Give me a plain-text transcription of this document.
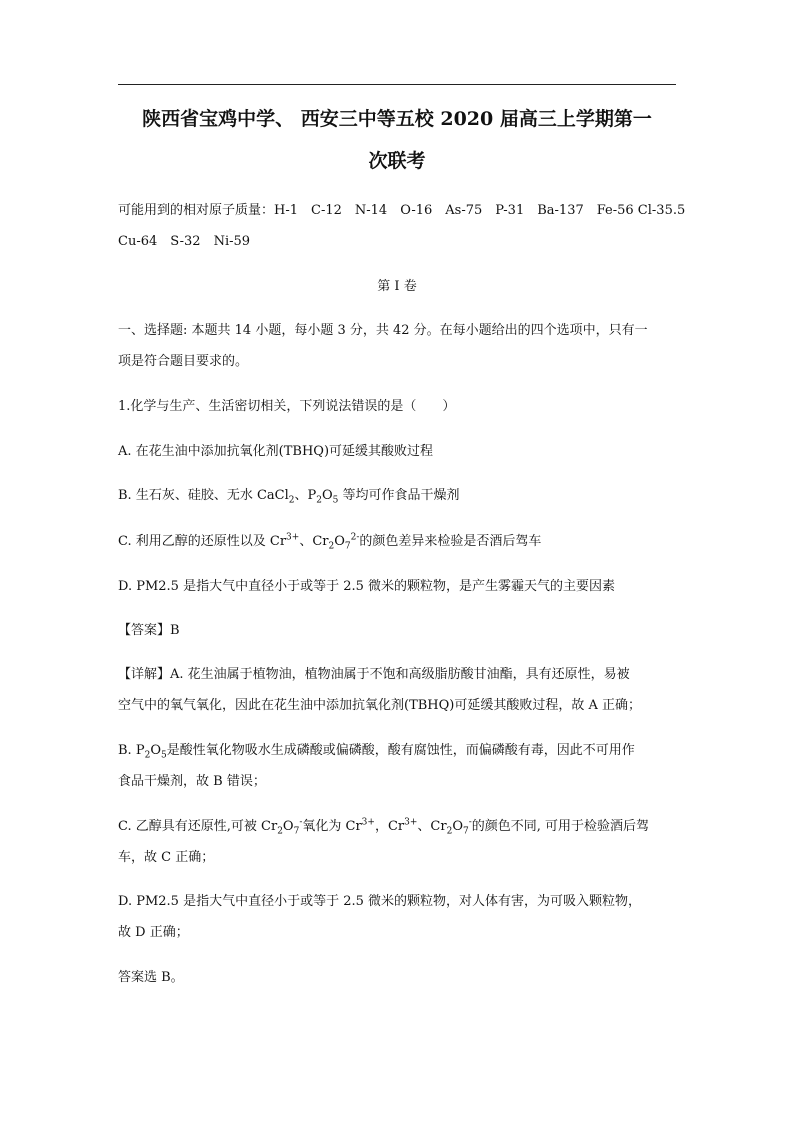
陕西省宝鸡中学、 西安三中等五校 2020 届高三上学期第一
次联考
可能用到的相对原子质量：H-1　C-12　N-14　O-16　As-75　P-31　Ba-137　Fe-56 Cl-35.5
Cu-64　S-32　Ni-59
第 I 卷
一、选择题: 本题共 14 小题，每小题 3 分，共 42 分。在每小题给出的四个选项中，只有一
项是符合题目要求的。
1.化学与生产、生活密切相关，下列说法错误的是（　　）
A. 在花生油中添加抗氧化剂(TBHQ)可延缓其酸败过程
B. 生石灰、硅胶、无水 CaCl$_2$、$P_2O_5$ 等均可作食品干燥剂
C. 利用乙醇的还原性以及 $Cr^{3+}$、$Cr_2O_7^{2-}$的颜色差异来检验是否酒后驾车
D. PM2.5 是指大气中直径小于或等于 2.5 微米的颗粒物，是产生雾霾天气的主要因素
【答案】B
【详解】A. 花生油属于植物油，植物油属于不饱和高级脂肪酸甘油酯，具有还原性，易被
空气中的氧气氧化，因此在花生油中添加抗氧化剂(TBHQ)可延缓其酸败过程，故 A 正确；
B. $P_2O_5$是酸性氧化物吸水生成磷酸或偏磷酸，酸有腐蚀性，而偏磷酸有毒，因此不可用作
食品干燥剂，故 B 错误；
C. 乙醇具有还原性,可被 $Cr_2O_7^-$氧化为 $Cr^{3+}$，$Cr^{3+}$、$Cr_2O_7^-$的颜色不同, 可用于检验酒后驾
车，故 C 正确；
D. PM2.5 是指大气中直径小于或等于 2.5 微米的颗粒物，对人体有害，为可吸入颗粒物，
故 D 正确；
答案选 B。
